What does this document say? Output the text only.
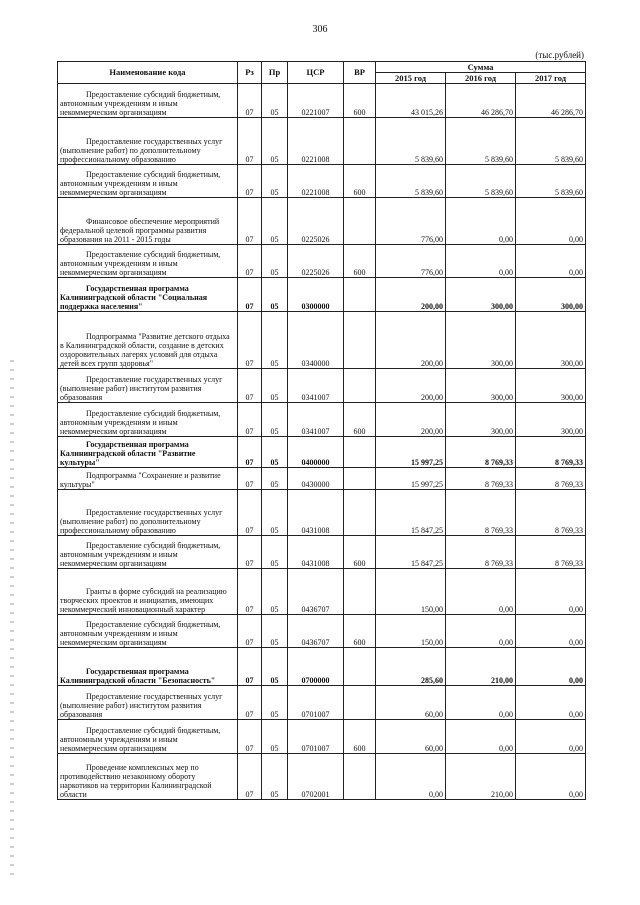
306
(тыс.рублей)
Наименование кода	Рз	Пр	ЦСР	ВР	Сумма		
					2015 год	2016 год	2017 год

Предоставление субсидий бюджетным, автономным учреждениям и иным некоммерческим организациям	07	05	0221007	600	43 015,26	46 286,70	46 286,70

Предоставление государственных услуг (выполнение работ) по дополнительному профессиональному образованию	07	05	0221008		5 839,60	5 839,60	5 839,60

Предоставление субсидий бюджетным, автономным учреждениям и иным некоммерческим организациям	07	05	0221008	600	5 839,60	5 839,60	5 839,60

Финансовое обеспечение мероприятий федеральной целевой программы развития образования на 2011 - 2015 годы	07	05	0225026		776,00	0,00	0,00

Предоставление субсидий бюджетным, автономным учреждениям и иным некоммерческим организациям	07	05	0225026	600	776,00	0,00	0,00

Государственная программа Калининградской области "Социальная поддержка населения"	07	05	0300000		200,00	300,00	300,00

Подпрограмма "Развитие детского отдыха в Калининградской области, создание в детских оздоровительных лагерях условий для отдыха детей всех групп здоровья"	07	05	0340000		200,00	300,00	300,00

Предоставление государственных услуг (выполнение работ) институтом развития образования	07	05	0341007		200,00	300,00	300,00

Предоставление субсидий бюджетным, автономным учреждениям и иным некоммерческим организациям	07	05	0341007	600	200,00	300,00	300,00

Государственная программа Калининградской области "Развитие культуры"	07	05	0400000		15 997,25	8 769,33	8 769,33

Подпрограмма "Сохранение и развитие культуры"	07	05	0430000		15 997,25	8 769,33	8 769,33

Предоставление государственных услуг (выполнение работ) по дополнительному профессиональному образованию	07	05	0431008		15 847,25	8 769,33	8 769,33

Предоставление субсидий бюджетным, автономным учреждениям и иным некоммерческим организациям	07	05	0431008	600	15 847,25	8 769,33	8 769,33

Гранты в форме субсидий на реализацию творческих проектов и инициатив, имеющих некоммерческий инновационный характер	07	05	0436707		150,00	0,00	0,00

Предоставление субсидий бюджетным, автономным учреждениям и иным некоммерческим организациям	07	05	0436707	600	150,00	0,00	0,00

Государственная программа Калининградской области "Безопасность"	07	05	0700000		285,60	210,00	0,00

Предоставление государственных услуг (выполнение работ) институтом развития образования	07	05	0701007		60,00	0,00	0,00

Предоставление субсидий бюджетным, автономным учреждениям и иным некоммерческим организациям	07	05	0701007	600	60,00	0,00	0,00

Проведение комплексных мер по противодействию незаконному обороту наркотиков на территории Калининградской области	07	05	0702001		0,00	210,00	0,00
